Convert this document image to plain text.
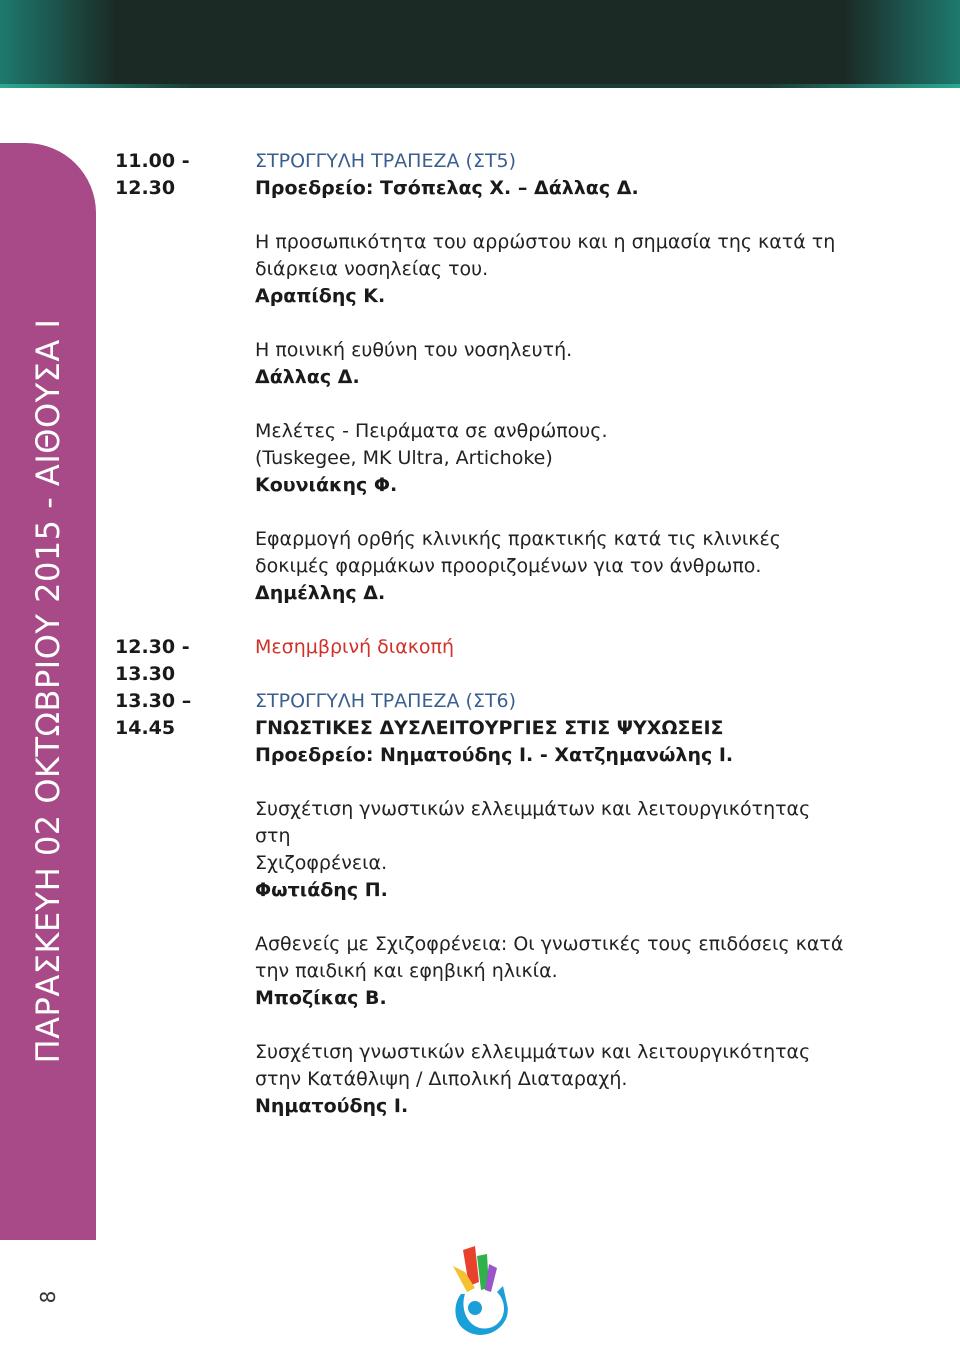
ΠΑΡΑΣΚΕΥΗ 02 ΟΚΤΩΒΡΙΟΥ 2015 - ΑΙΘΟΥΣΑ Ι
8
11.00 - 12.30
ΣΤΡΟΓΓΥΛΗ ΤΡΑΠΕΖΑ (ΣΤ5)
Προεδρείο: Τσόπελας Χ. – Δάλλας Δ.
Η προσωπικότητα του αρρώστου και η σημασία της κατά τη
διάρκεια νοσηλείας του.
Αραπίδης Κ.
Η ποινική ευθύνη του νοσηλευτή.
Δάλλας Δ.
Μελέτες - Πειράματα σε ανθρώπους.
(Tuskegee, MK Ultra, Artichoke)
Κουνιάκης Φ.
Εφαρμογή ορθής κλινικής πρακτικής κατά τις κλινικές
δοκιμές φαρμάκων προοριζομένων για τον άνθρωπο.
Δημέλλης Δ.
12.30 - 13.30
Μεσημβρινή διακοπή
13.30 – 14.45
ΣΤΡΟΓΓΥΛΗ ΤΡΑΠΕΖΑ (ΣΤ6)
ΓΝΩΣΤΙΚΕΣ ΔΥΣΛΕΙΤΟΥΡΓΙΕΣ ΣΤΙΣ ΨΥΧΩΣΕΙΣ
Προεδρείο: Νηματούδης Ι. - Χατζημανώλης Ι.
Συσχέτιση γνωστικών ελλειμμάτων και λειτουργικότητας στη
Σχιζοφρένεια.
Φωτιάδης Π.
Ασθενείς με Σχιζοφρένεια: Οι γνωστικές τους επιδόσεις κατά
την παιδική και εφηβική ηλικία.
Μποζίκας Β.
Συσχέτιση γνωστικών ελλειμμάτων και λειτουργικότητας
στην Κατάθλιψη / Διπολική Διαταραχή.
Νηματούδης Ι.
